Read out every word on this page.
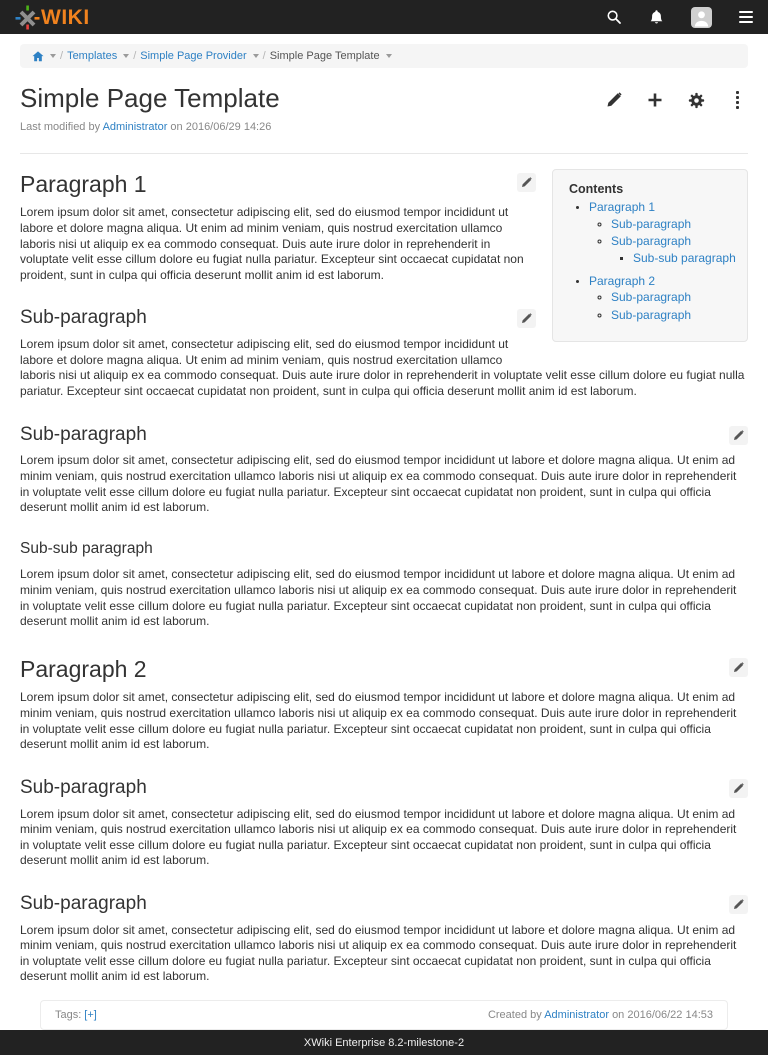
WIKI
/ Templates / Simple Page Provider / Simple Page Template
Simple Page Template

Last modified by Administrator on 2016/06/29 14:26

Contents
• Paragraph 1
◦ Sub-paragraph
◦ Sub-paragraph
▪ Sub-sub paragraph
• Paragraph 2
◦ Sub-paragraph
◦ Sub-paragraph
Paragraph 1

Lorem ipsum dolor sit amet, consectetur adipiscing elit, sed do eiusmod tempor incididunt ut labore et dolore magna aliqua. Ut enim ad minim veniam, quis nostrud exercitation ullamco laboris nisi ut aliquip ex ea commodo consequat. Duis aute irure dolor in reprehenderit in voluptate velit esse cillum dolore eu fugiat nulla pariatur. Excepteur sint occaecat cupidatat non proident, sunt in culpa qui officia deserunt mollit anim id est laborum.

Sub-paragraph

Lorem ipsum dolor sit amet, consectetur adipiscing elit, sed do eiusmod tempor incididunt ut labore et dolore magna aliqua. Ut enim ad minim veniam, quis nostrud exercitation ullamco laboris nisi ut aliquip ex ea commodo consequat. Duis aute irure dolor in reprehenderit in voluptate velit esse cillum dolore eu fugiat nulla pariatur. Excepteur sint occaecat cupidatat non proident, sunt in culpa qui officia deserunt mollit anim id est laborum.

Sub-paragraph

Lorem ipsum dolor sit amet, consectetur adipiscing elit, sed do eiusmod tempor incididunt ut labore et dolore magna aliqua. Ut enim ad minim veniam, quis nostrud exercitation ullamco laboris nisi ut aliquip ex ea commodo consequat. Duis aute irure dolor in reprehenderit in voluptate velit esse cillum dolore eu fugiat nulla pariatur. Excepteur sint occaecat cupidatat non proident, sunt in culpa qui officia deserunt mollit anim id est laborum.

Sub-sub paragraph

Lorem ipsum dolor sit amet, consectetur adipiscing elit, sed do eiusmod tempor incididunt ut labore et dolore magna aliqua. Ut enim ad minim veniam, quis nostrud exercitation ullamco laboris nisi ut aliquip ex ea commodo consequat. Duis aute irure dolor in reprehenderit in voluptate velit esse cillum dolore eu fugiat nulla pariatur. Excepteur sint occaecat cupidatat non proident, sunt in culpa qui officia deserunt mollit anim id est laborum.

Paragraph 2

Lorem ipsum dolor sit amet, consectetur adipiscing elit, sed do eiusmod tempor incididunt ut labore et dolore magna aliqua. Ut enim ad minim veniam, quis nostrud exercitation ullamco laboris nisi ut aliquip ex ea commodo consequat. Duis aute irure dolor in reprehenderit in voluptate velit esse cillum dolore eu fugiat nulla pariatur. Excepteur sint occaecat cupidatat non proident, sunt in culpa qui officia deserunt mollit anim id est laborum.

Sub-paragraph

Lorem ipsum dolor sit amet, consectetur adipiscing elit, sed do eiusmod tempor incididunt ut labore et dolore magna aliqua. Ut enim ad minim veniam, quis nostrud exercitation ullamco laboris nisi ut aliquip ex ea commodo consequat. Duis aute irure dolor in reprehenderit in voluptate velit esse cillum dolore eu fugiat nulla pariatur. Excepteur sint occaecat cupidatat non proident, sunt in culpa qui officia deserunt mollit anim id est laborum.

Sub-paragraph

Lorem ipsum dolor sit amet, consectetur adipiscing elit, sed do eiusmod tempor incididunt ut labore et dolore magna aliqua. Ut enim ad minim veniam, quis nostrud exercitation ullamco laboris nisi ut aliquip ex ea commodo consequat. Duis aute irure dolor in reprehenderit in voluptate velit esse cillum dolore eu fugiat nulla pariatur. Excepteur sint occaecat cupidatat non proident, sunt in culpa qui officia deserunt mollit anim id est laborum.

Tags: [+]	Created by Administrator on 2016/06/22 14:53
XWiki Enterprise 8.2-milestone-2
